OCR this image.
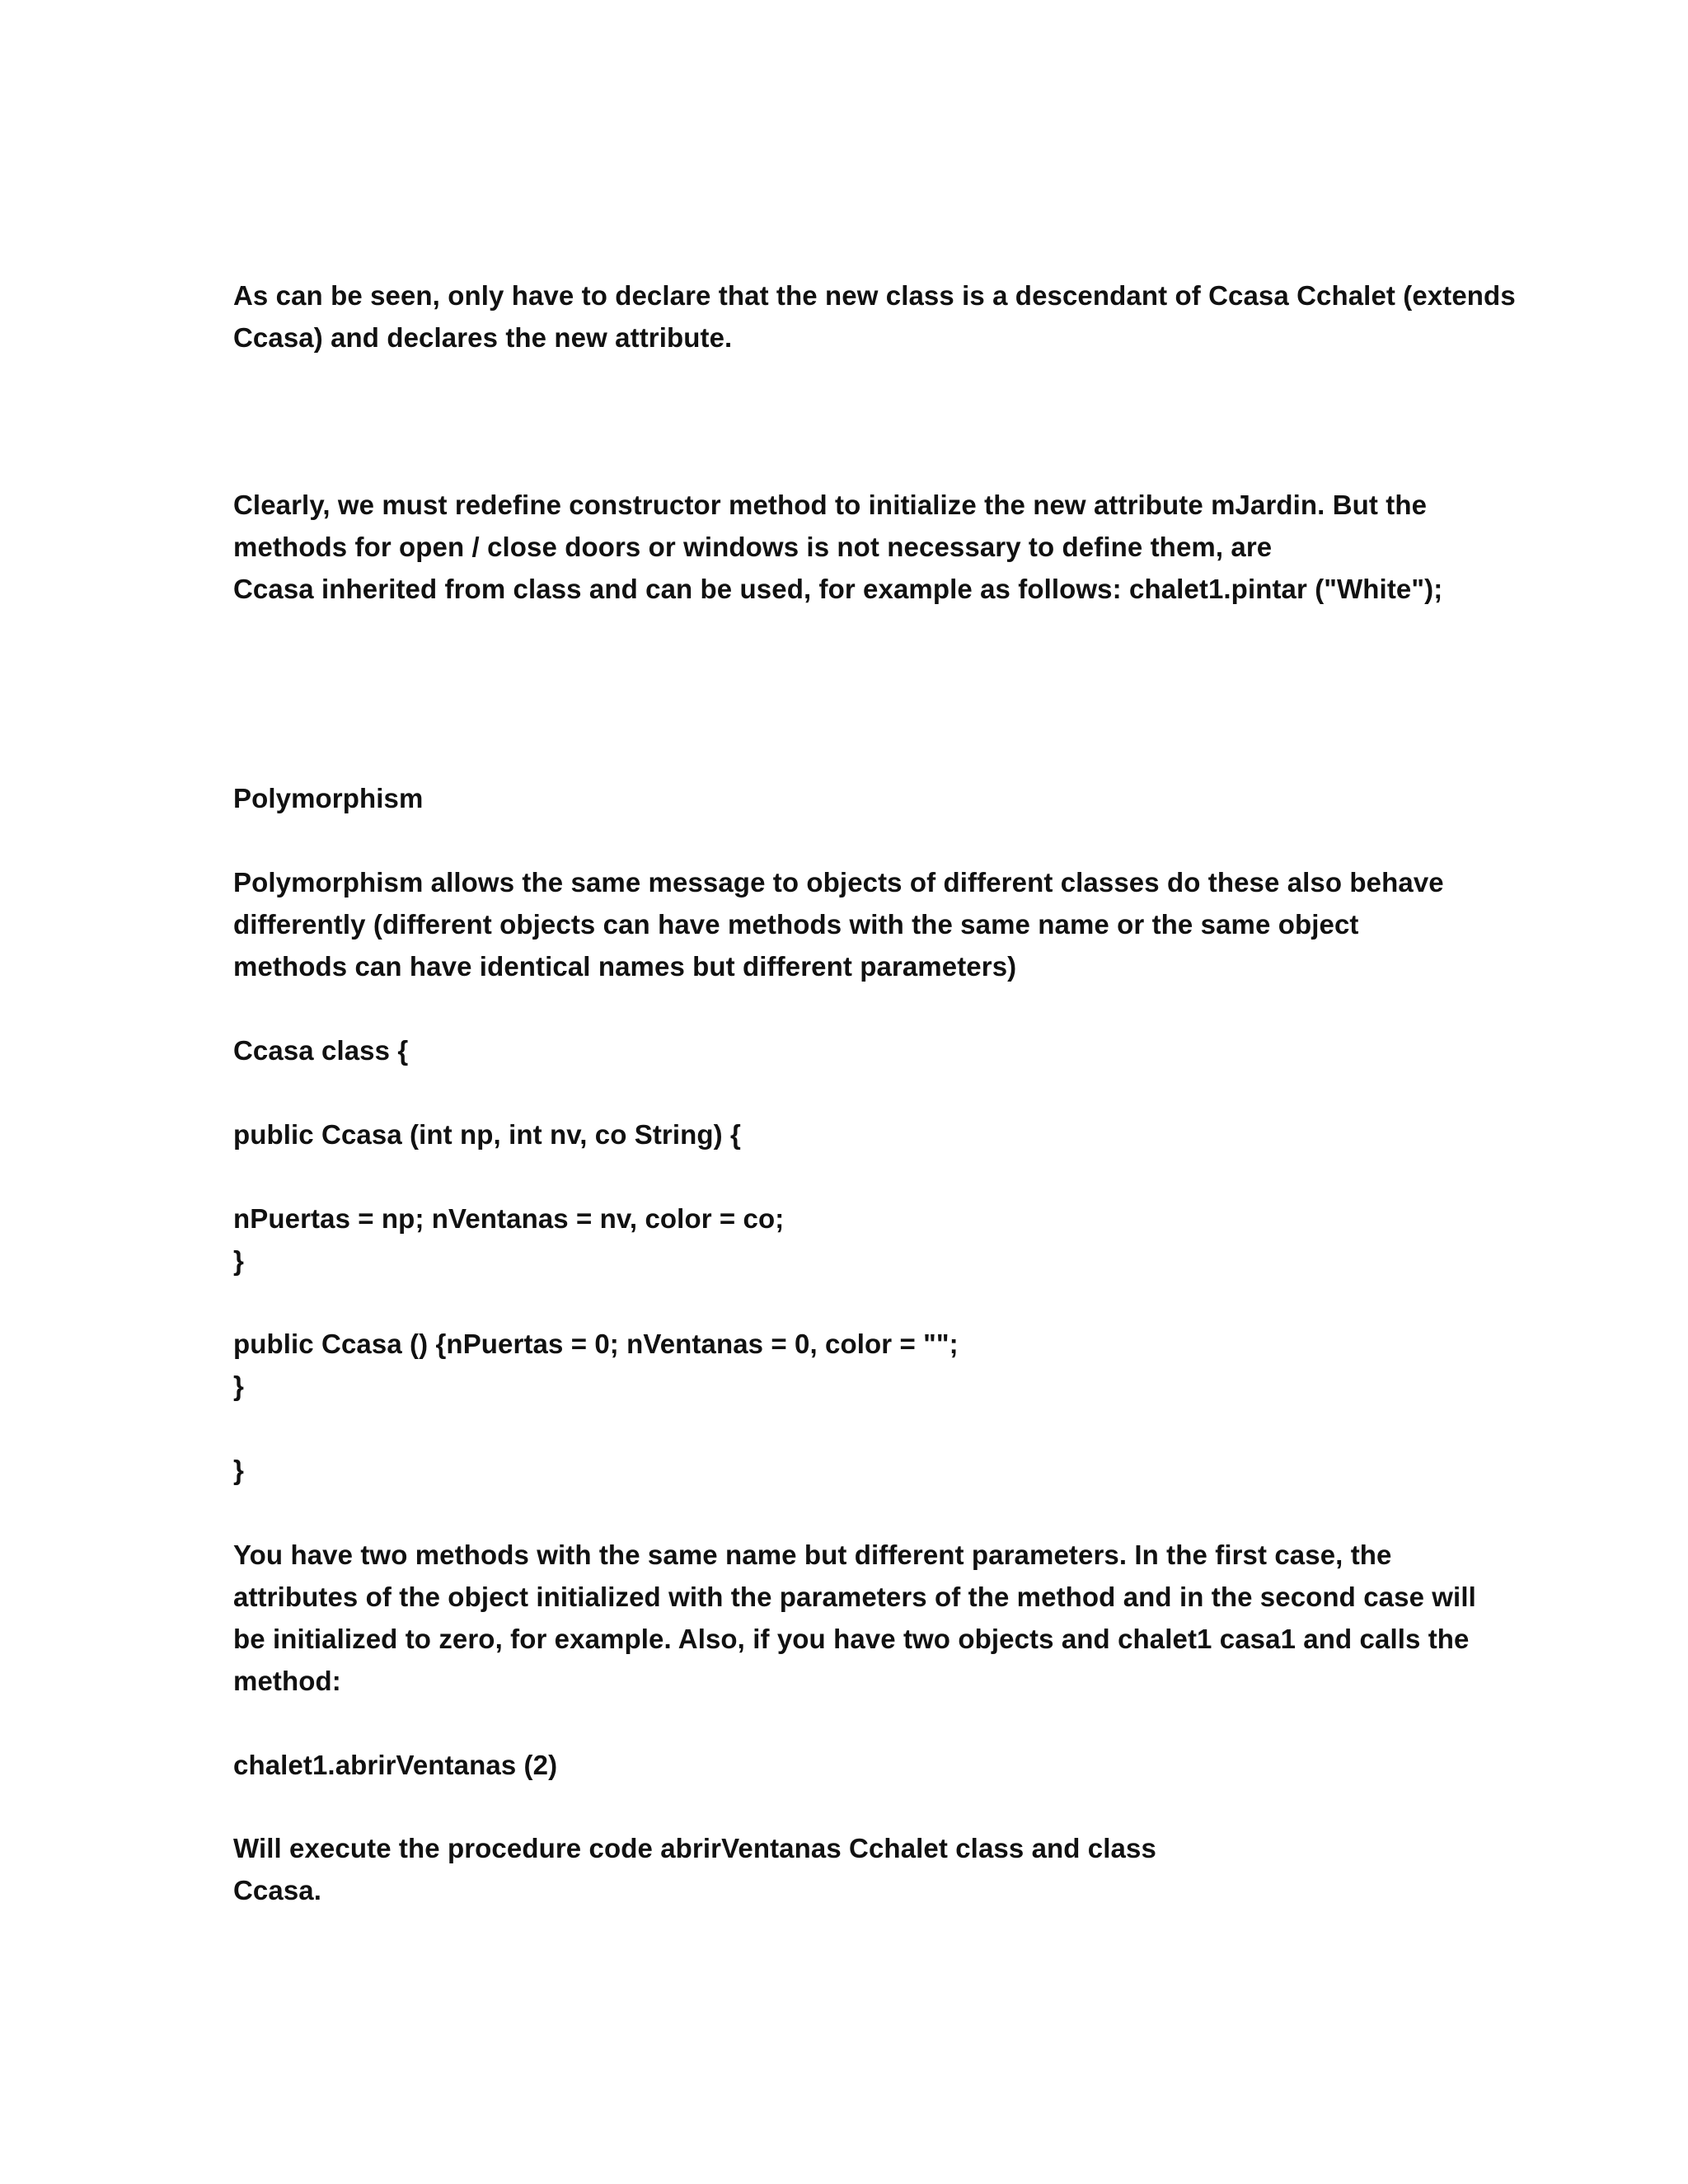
As can be seen, only have to declare that the new class is a descendant of Ccasa Cchalet (extends
Ccasa) and declares the new attribute.
Clearly, we must redefine constructor method to initialize the new attribute mJardin. But the
methods for open / close doors or windows is not necessary to define them, are
Ccasa inherited from class and can be used, for example as follows: chalet1.pintar ("White");
Polymorphism
Polymorphism allows the same message to objects of different classes do these also behave
differently (different objects can have methods with the same name or the same object
methods can have identical names but different parameters)
Ccasa class {
public Ccasa (int np, int nv, co String) {
nPuertas = np; nVentanas = nv, color = co;
}
public Ccasa () {nPuertas = 0; nVentanas = 0, color = "";
}
}
You have two methods with the same name but different parameters. In the first case, the
attributes of the object initialized with the parameters of the method and in the second case will
be initialized to zero, for example. Also, if you have two objects and chalet1 casa1 and calls the
method:
chalet1.abrirVentanas (2)
Will execute the procedure code abrirVentanas Cchalet class and class
Ccasa.
